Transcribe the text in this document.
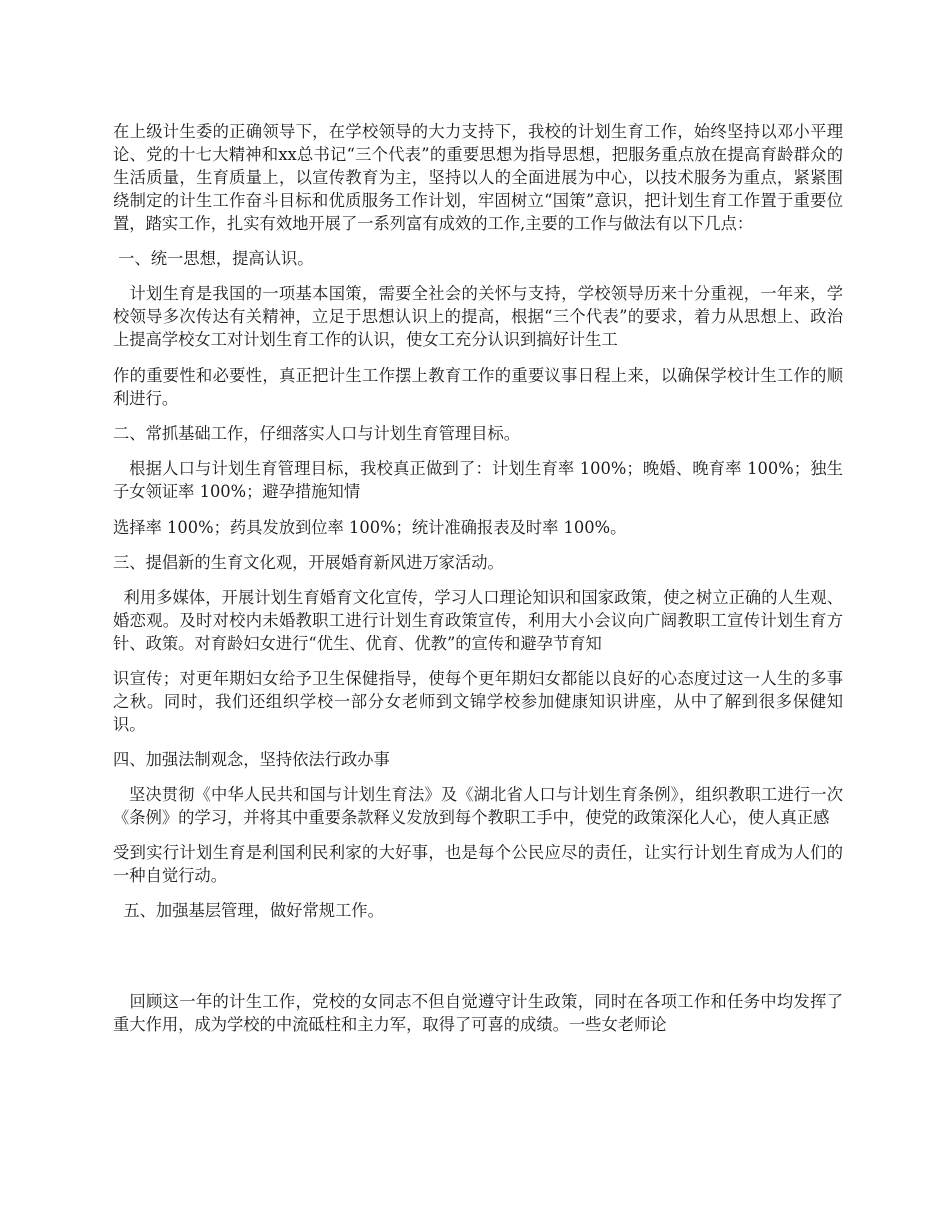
在上级计生委的正确领导下，在学校领导的大力支持下，我校的计划生育工作，始终坚持以邓小平理论、党的十七大精神和xx总书记“三个代表”的重要思想为指导思想，把服务重点放在提高育龄群众的生活质量，生育质量上，以宣传教育为主，坚持以人的全面进展为中心，以技术服务为重点，紧紧围绕制定的计生工作奋斗目标和优质服务工作计划，牢固树立“国策”意识，把计划生育工作置于重要位置，踏实工作，扎实有效地开展了一系列富有成效的工作,主要的工作与做法有以下几点：

一、统一思想，提高认识。

计划生育是我国的一项基本国策，需要全社会的关怀与支持，学校领导历来十分重视，一年来，学校领导多次传达有关精神，立足于思想认识上的提高，根据“三个代表”的要求，着力从思想上、政治上提高学校女工对计划生育工作的认识，使女工充分认识到搞好计生工

作的重要性和必要性，真正把计生工作摆上教育工作的重要议事日程上来，以确保学校计生工作的顺利进行。

二、常抓基础工作，仔细落实人口与计划生育管理目标。

根据人口与计划生育管理目标，我校真正做到了：计划生育率 100%；晚婚、晚育率 100%；独生子女领证率 100%；避孕措施知情

选择率 100%；药具发放到位率 100%；统计准确报表及时率 100%。

三、提倡新的生育文化观，开展婚育新风进万家活动。

利用多媒体，开展计划生育婚育文化宣传，学习人口理论知识和国家政策，使之树立正确的人生观、婚恋观。及时对校内未婚教职工进行计划生育政策宣传，利用大小会议向广阔教职工宣传计划生育方针、政策。对育龄妇女进行“优生、优育、优教”的宣传和避孕节育知

识宣传；对更年期妇女给予卫生保健指导，使每个更年期妇女都能以良好的心态度过这一人生的多事之秋。同时，我们还组织学校一部分女老师到文锦学校参加健康知识讲座，从中了解到很多保健知识。

四、加强法制观念，坚持依法行政办事

坚决贯彻《中华人民共和国与计划生育法》及《湖北省人口与计划生育条例》，组织教职工进行一次《条例》的学习，并将其中重要条款释义发放到每个教职工手中，使党的政策深化人心，使人真正感

受到实行计划生育是利国利民利家的大好事，也是每个公民应尽的责任，让实行计划生育成为人们的一种自觉行动。

五、加强基层管理，做好常规工作。

回顾这一年的计生工作，党校的女同志不但自觉遵守计生政策，同时在各项工作和任务中均发挥了重大作用，成为学校的中流砥柱和主力军，取得了可喜的成绩。一些女老师论
